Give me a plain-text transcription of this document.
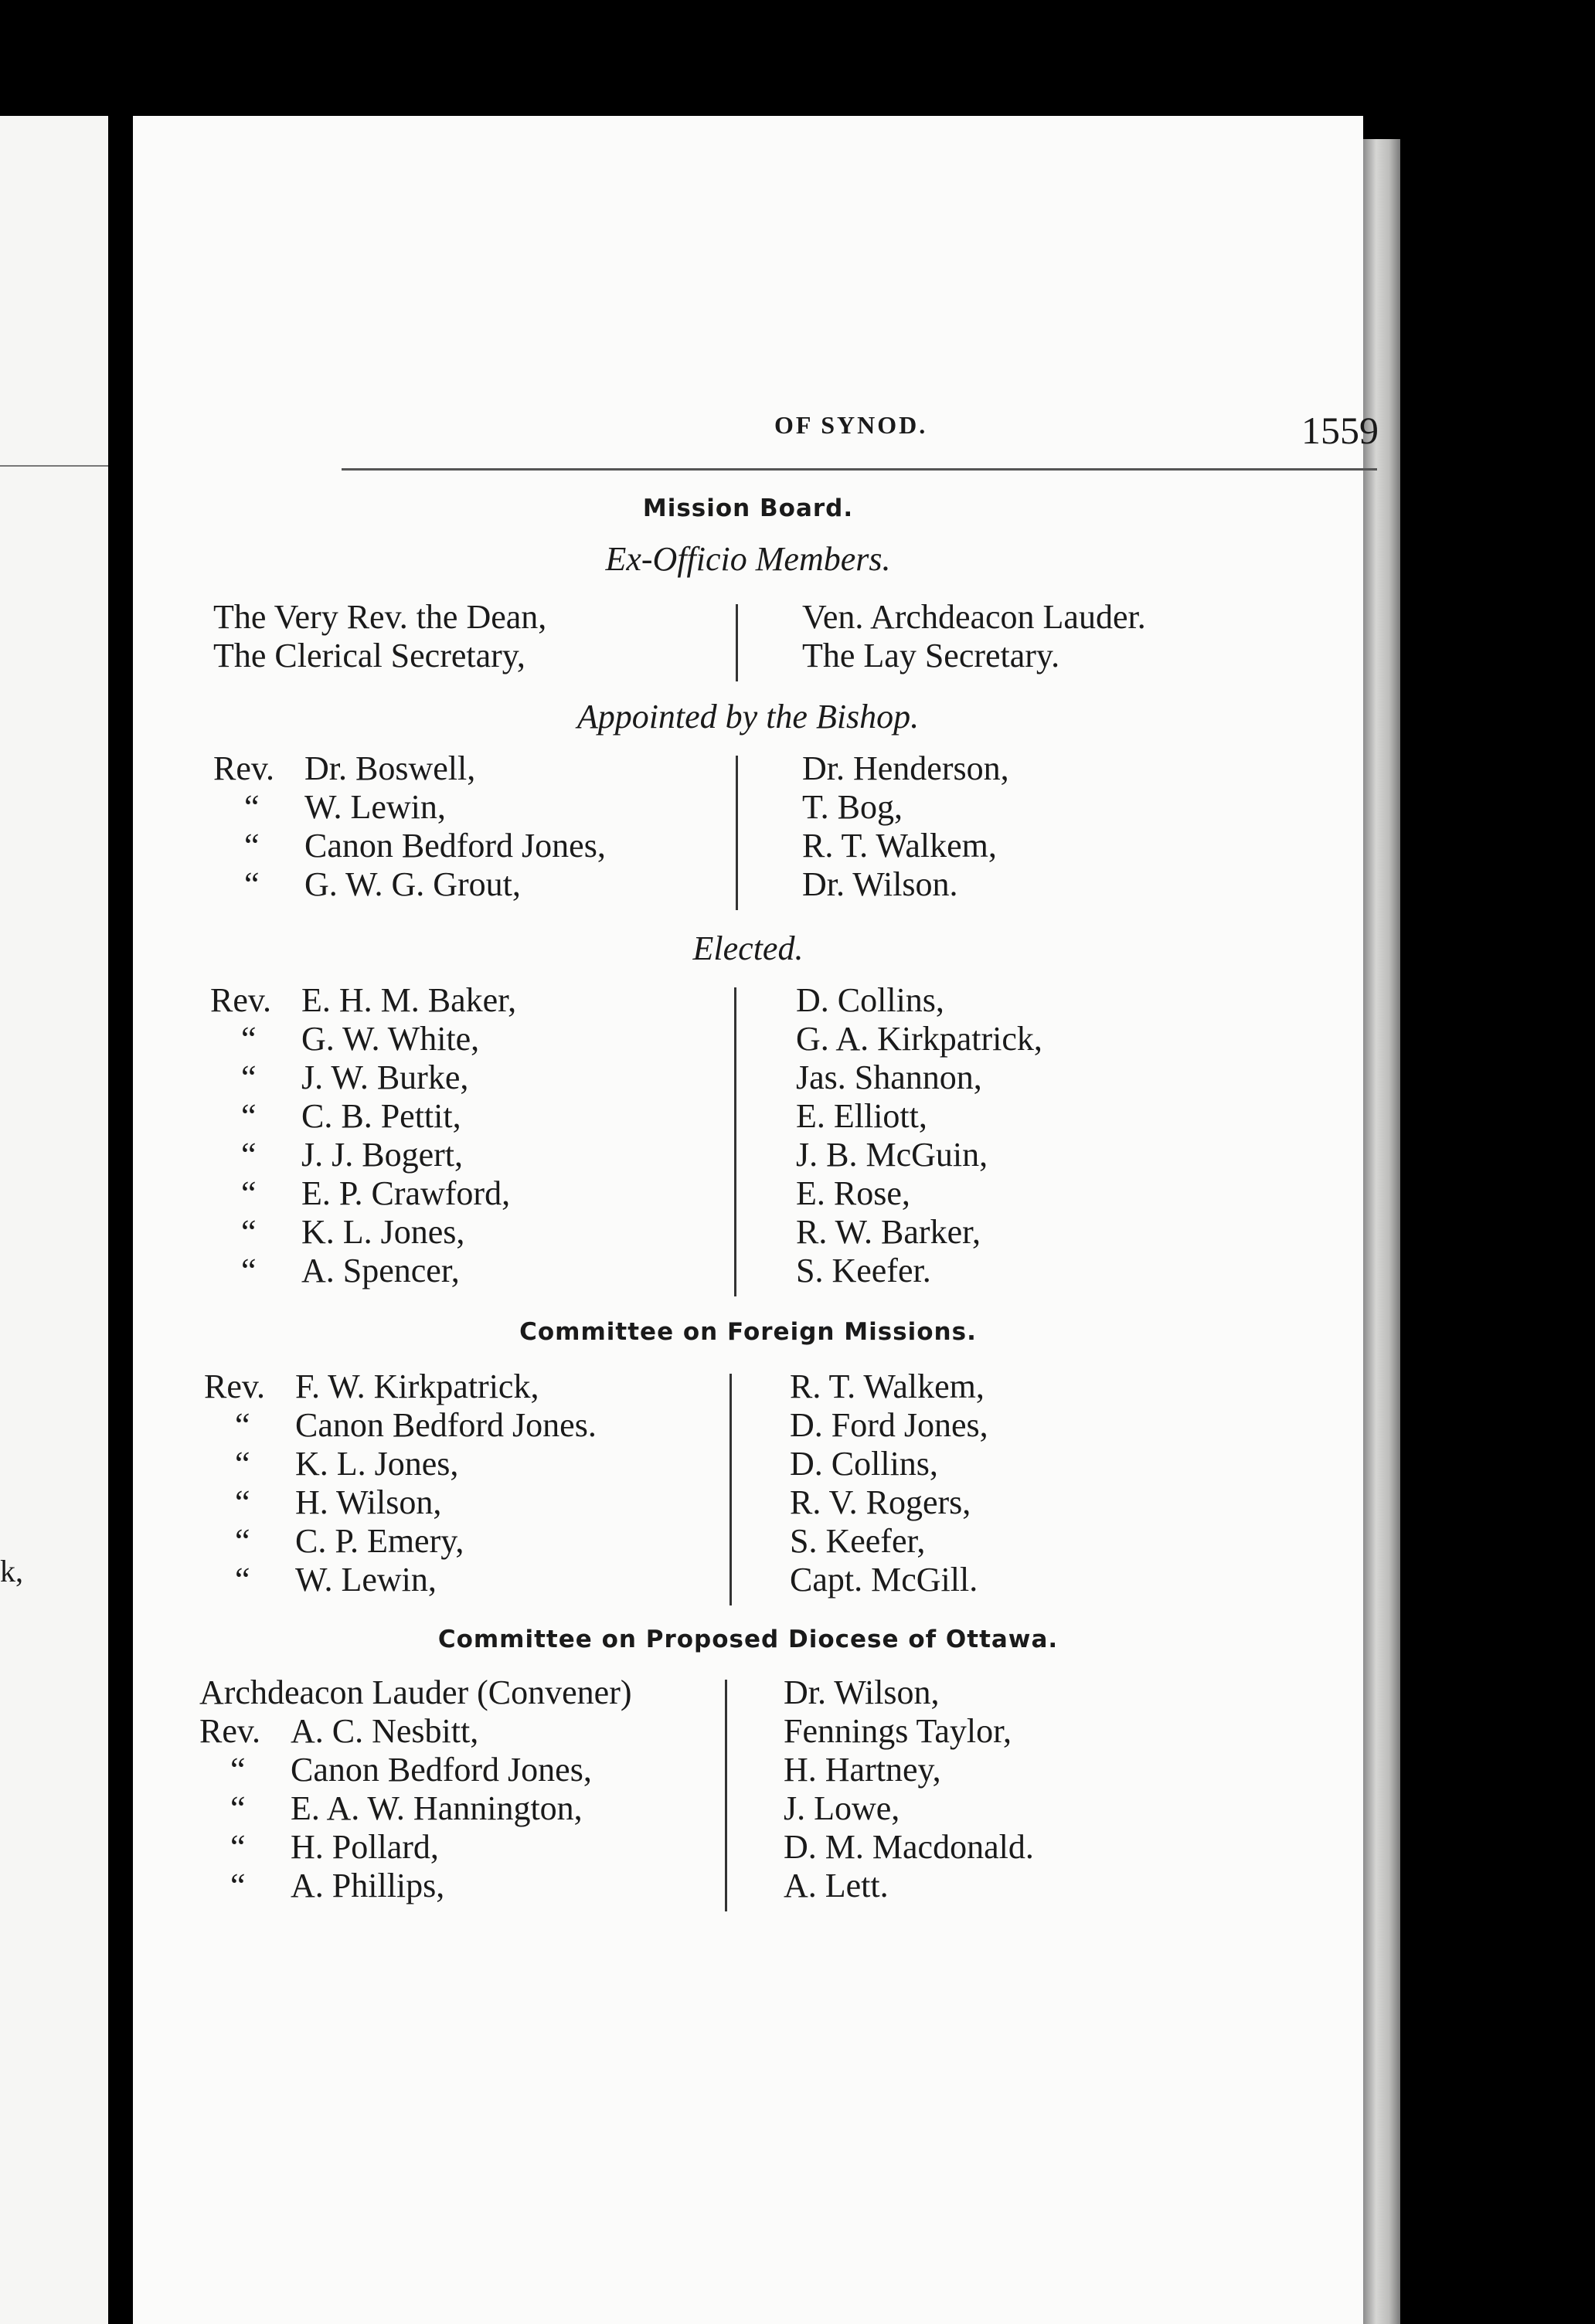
k,
OF SYNOD.	1559
Mission Board.
Ex-Officio Members.
The Very Rev. the Dean,
The Clerical Secretary,
Ven. Archdeacon Lauder.
The Lay Secretary.
Appointed by the Bishop.
Rev. Dr. Boswell,
“ W. Lewin,
“ Canon Bedford Jones,
“ G. W. G. Grout,
Dr. Henderson,
T. Bog,
R. T. Walkem,
Dr. Wilson.
Elected.
Rev. E. H. M. Baker,
“ G. W. White,
“ J. W. Burke,
“ C. B. Pettit,
“ J. J. Bogert,
“ E. P. Crawford,
“ K. L. Jones,
“ A. Spencer,
D. Collins,
G. A. Kirkpatrick,
Jas. Shannon,
E. Elliott,
J. B. McGuin,
E. Rose,
R. W. Barker,
S. Keefer.
Committee on Foreign Missions.
Rev. F. W. Kirkpatrick,
“ Canon Bedford Jones.
“ K. L. Jones,
“ H. Wilson,
“ C. P. Emery,
“ W. Lewin,
R. T. Walkem,
D. Ford Jones,
D. Collins,
R. V. Rogers,
S. Keefer,
Capt. McGill.
Committee on Proposed Diocese of Ottawa.
Archdeacon Lauder (Convener)
Rev. A. C. Nesbitt,
“ Canon Bedford Jones,
“ E. A. W. Hannington,
“ H. Pollard,
“ A. Phillips,
Dr. Wilson,
Fennings Taylor,
H. Hartney,
J. Lowe,
D. M. Macdonald.
A. Lett.
